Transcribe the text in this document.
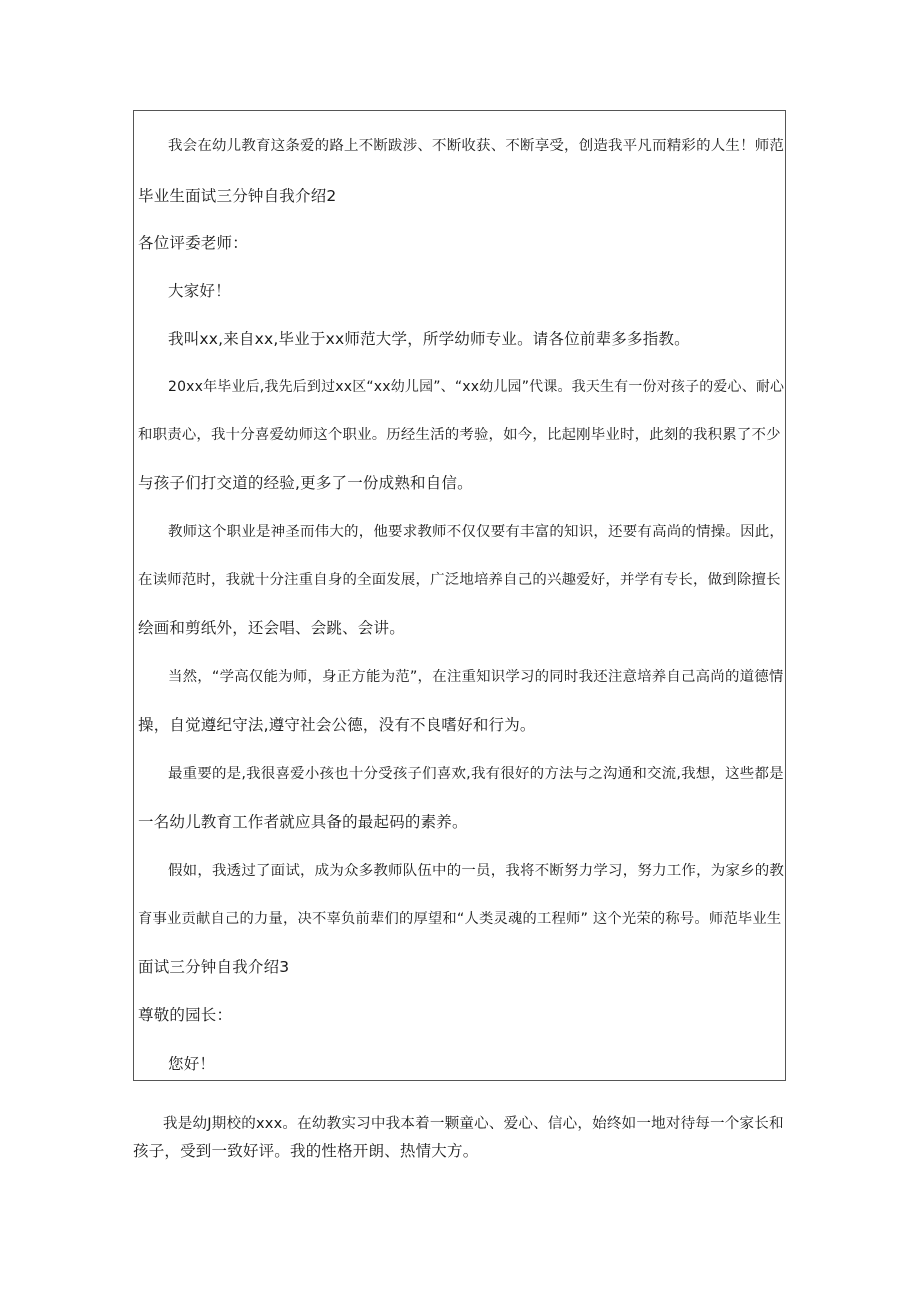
我会在幼儿教育这条爱的路上不断跋涉、不断收获、不断享受，创造我平凡而精彩的人生！师范
毕业生面试三分钟自我介绍2
各位评委老师：
大家好！
我叫xx,来自xx,毕业于xx师范大学，所学幼师专业。请各位前辈多多指教。
20xx年毕业后,我先后到过xx区“xx幼儿园”、“xx幼儿园”代课。我天生有一份对孩子的爱心、耐心
和职责心，我十分喜爱幼师这个职业。历经生活的考验，如今，比起刚毕业时，此刻的我积累了不少
与孩子们打交道的经验,更多了一份成熟和自信。
教师这个职业是神圣而伟大的，他要求教师不仅仅要有丰富的知识，还要有高尚的情操。因此，
在读师范时，我就十分注重自身的全面发展，广泛地培养自己的兴趣爱好，并学有专长，做到除擅长
绘画和剪纸外，还会唱、会跳、会讲。
当然，“学高仅能为师，身正方能为范”，在注重知识学习的同时我还注意培养自己高尚的道德情
操，自觉遵纪守法,遵守社会公德，没有不良嗜好和行为。
最重要的是,我很喜爱小孩也十分受孩子们喜欢,我有很好的方法与之沟通和交流,我想，这些都是
一名幼儿教育工作者就应具备的最起码的素养。
假如，我透过了面试，成为众多教师队伍中的一员，我将不断努力学习，努力工作，为家乡的教
育事业贡献自己的力量，决不辜负前辈们的厚望和“人类灵魂的工程师” 这个光荣的称号。师范毕业生
面试三分钟自我介绍3
尊敬的园长：
您好！
我是幼J期校的xxx。在幼教实习中我本着一颗童心、爱心、信心，始终如一地对待每一个家长和
孩子，受到一致好评。我的性格开朗、热情大方。
